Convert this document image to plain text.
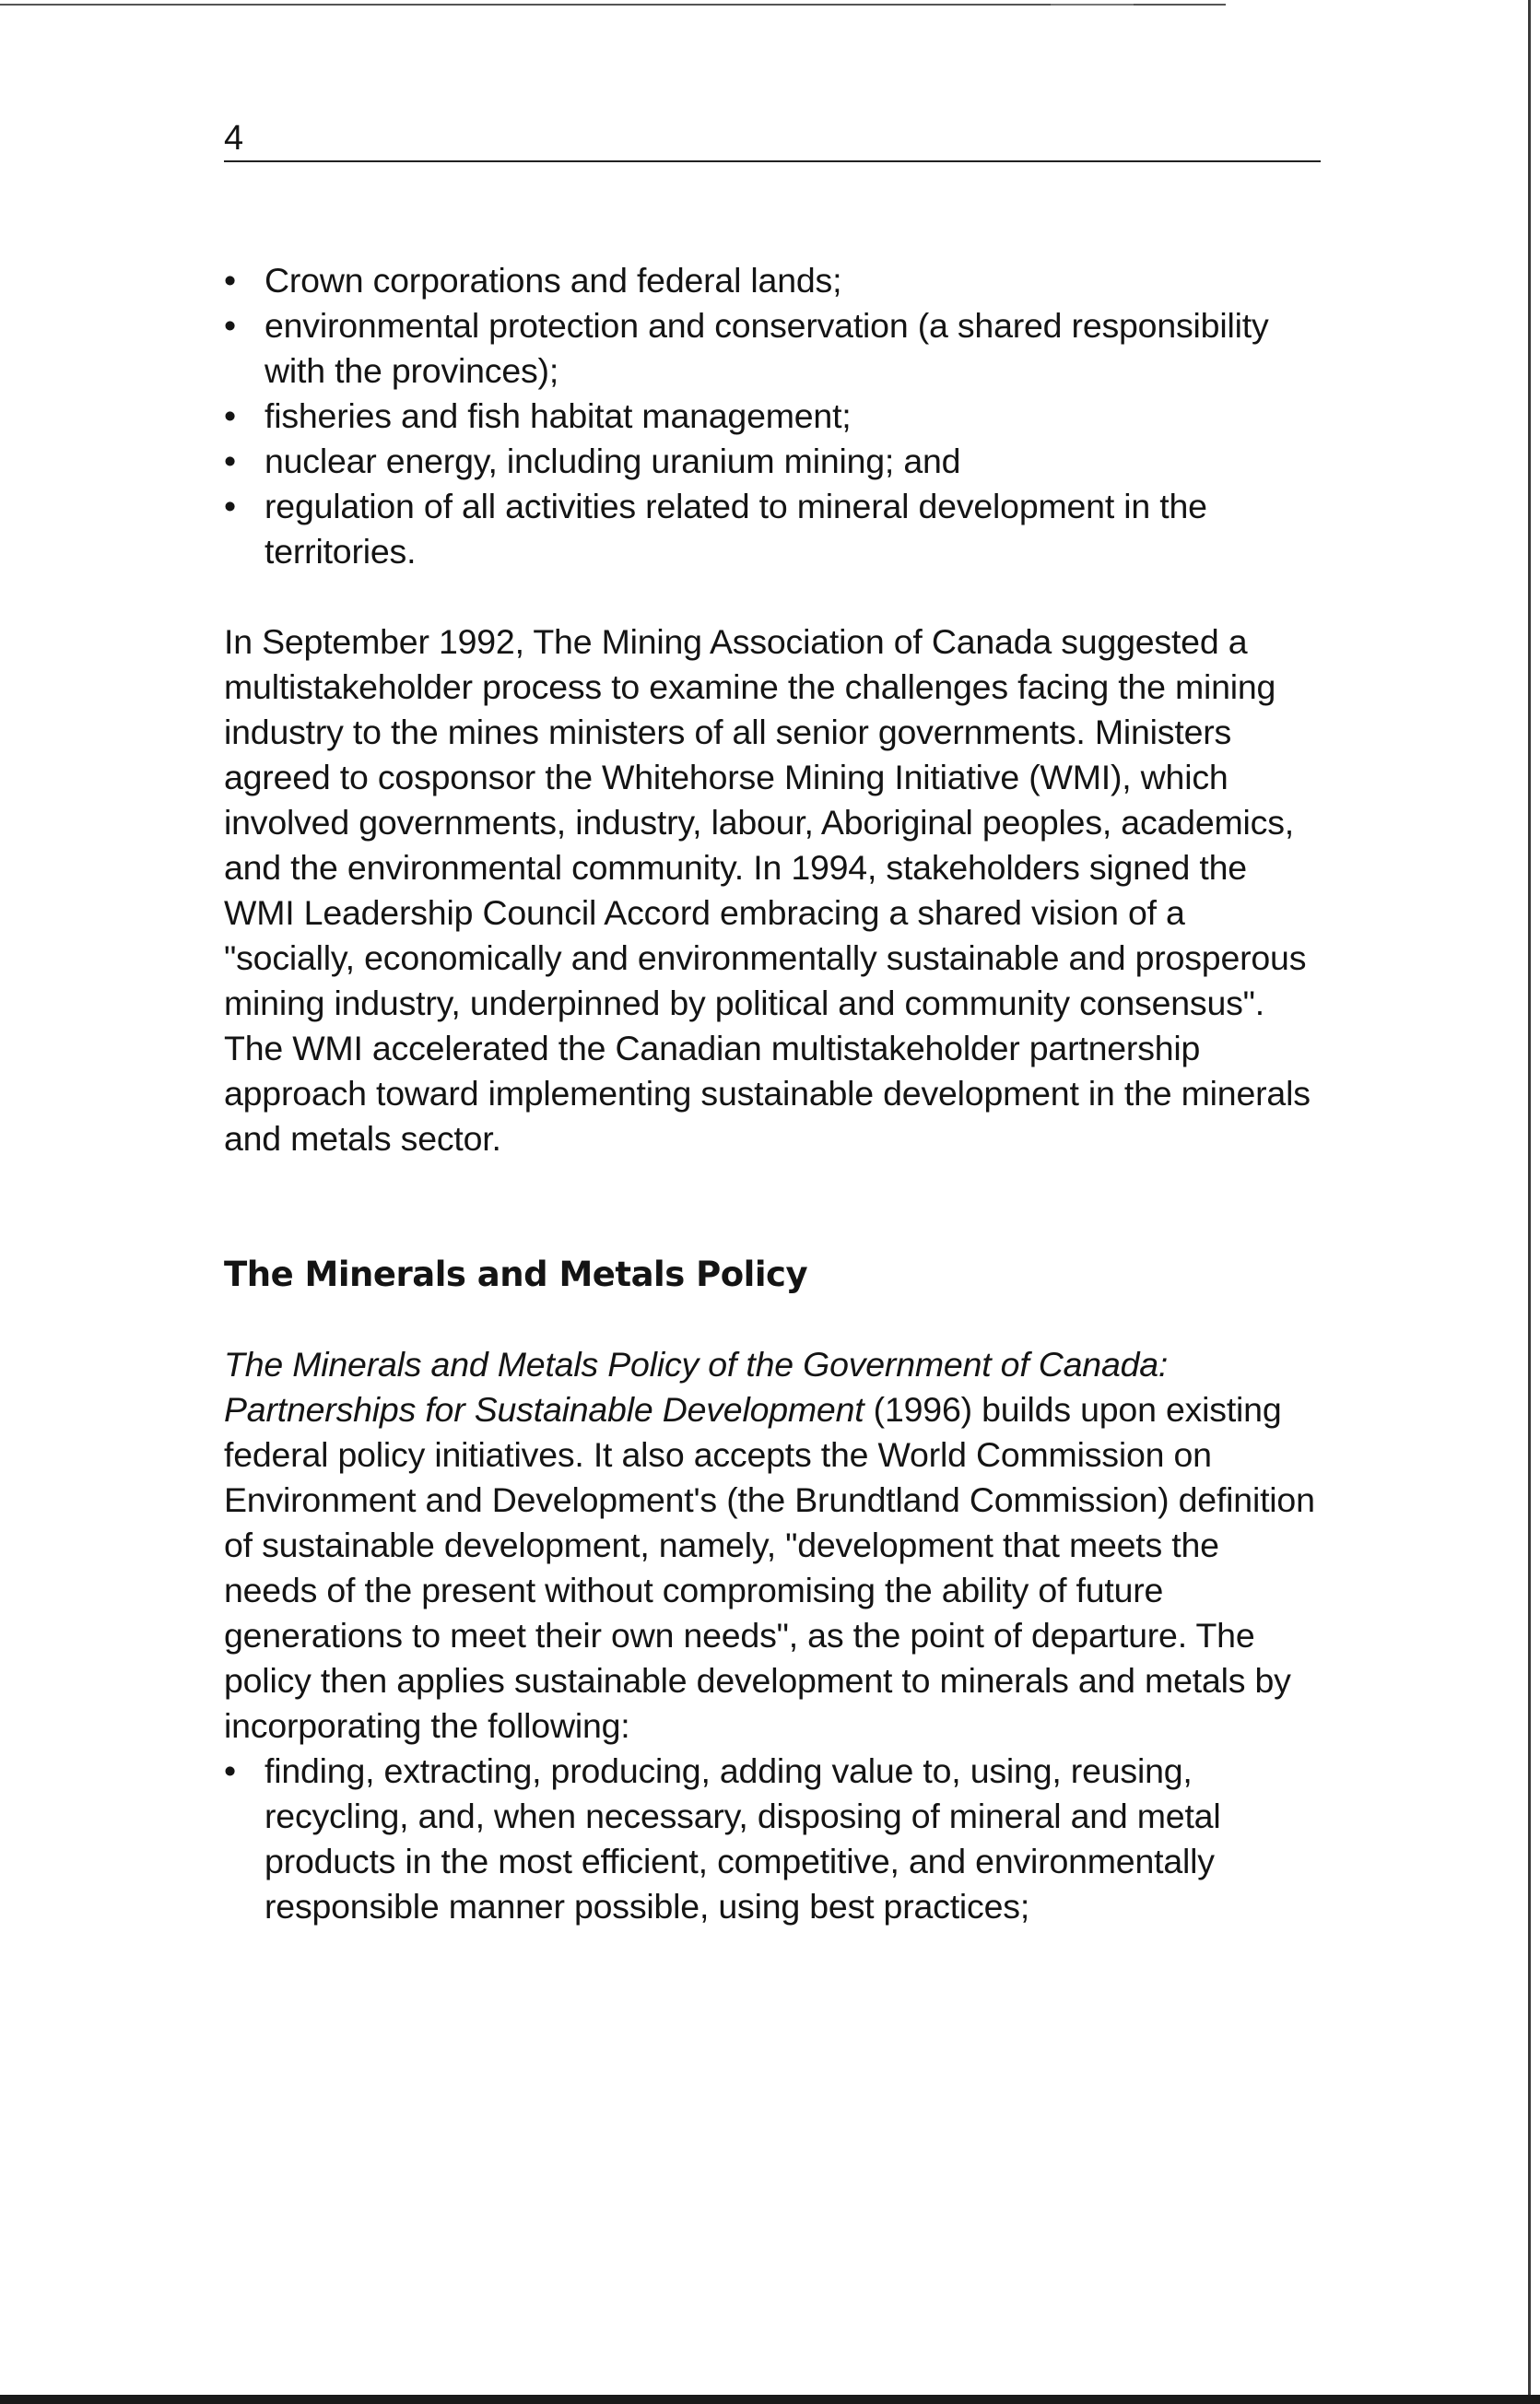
4
• Crown corporations and federal lands;
• environmental protection and conservation (a shared responsibility with the provinces);
• fisheries and fish habitat management;
• nuclear energy, including uranium mining; and
• regulation of all activities related to mineral development in the territories.

In September 1992, The Mining Association of Canada suggested a multistakeholder process to examine the challenges facing the mining industry to the mines ministers of all senior governments. Ministers agreed to cosponsor the Whitehorse Mining Initiative (WMI), which involved governments, industry, labour, Aboriginal peoples, academics, and the environmental community. In 1994, stakeholders signed the WMI Leadership Council Accord embracing a shared vision of a "socially, economically and environmentally sustainable and prosperous mining industry, underpinned by political and community consensus". The WMI accelerated the Canadian multistakeholder partnership approach toward implementing sustainable development in the minerals and metals sector.

The Minerals and Metals Policy

The Minerals and Metals Policy of the Government of Canada: Partnerships for Sustainable Development (1996) builds upon existing federal policy initiatives. It also accepts the World Commission on Environment and Development's (the Brundtland Commission) definition of sustainable development, namely, "development that meets the needs of the present without compromising the ability of future generations to meet their own needs", as the point of departure. The policy then applies sustainable development to minerals and metals by incorporating the following:

• finding, extracting, producing, adding value to, using, reusing, recycling, and, when necessary, disposing of mineral and metal products in the most efficient, competitive, and environmentally responsible manner possible, using best practices;
